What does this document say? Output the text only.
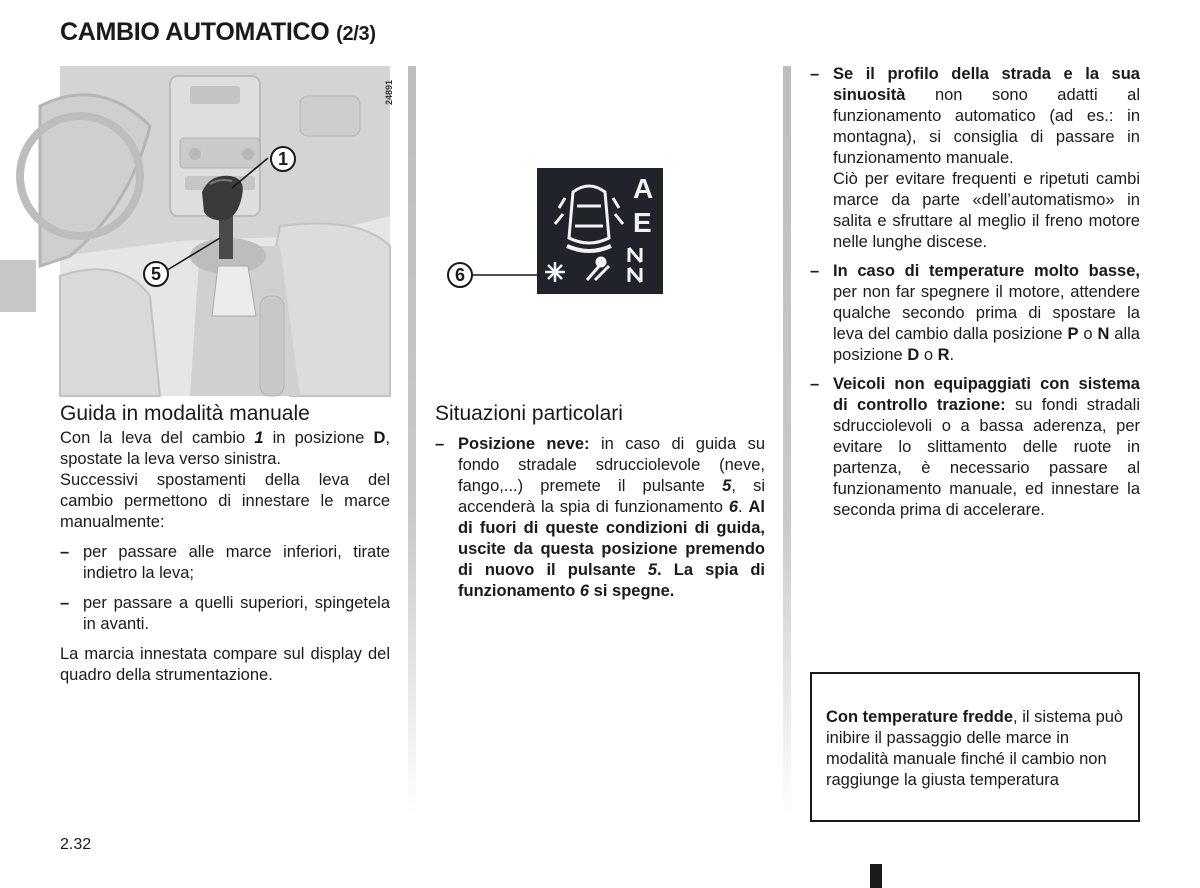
CAMBIO AUTOMATICO (2/3)
24891
1
5
A
E
6
Guida in modalità manuale

Con la leva del cambio 1 in posizione D, spostate la leva verso sinistra.

Successivi spostamenti della leva del cambio permettono di innestare le marce manualmente:

– per passare alle marce inferiori, tirate indietro la leva;
– per passare a quelli superiori, spingetela in avanti.

La marcia innestata compare sul display del quadro della strumentazione.

Situazioni particolari
– Posizione neve: in caso di guida su fondo stradale sdrucciolevole (neve, fango,...) premete il pulsante 5, si accenderà la spia di funzionamento 6. Al di fuori di queste condizioni di guida, uscite da questa posizione premendo di nuovo il pulsante 5. La spia di funzionamento 6 si spegne.
– Se il profilo della strada e la sua sinuosità non sono adatti al funzionamento automatico (ad es.: in montagna), si consiglia di passare in funzionamento manuale.
Ciò per evitare frequenti e ripetuti cambi marce da parte «dell’automatismo» in salita e sfruttare al meglio il freno motore nelle lunghe discese.
– In caso di temperature molto basse, per non far spegnere il motore, attendere qualche secondo prima di spostare la leva del cambio dalla posizione P o N alla posizione D o R.
– Veicoli non equipaggiati con sistema di controllo trazione: su fondi stradali sdrucciolevoli o a bassa aderenza, per evitare lo slittamento delle ruote in partenza, è necessario passare al funzionamento manuale, ed innestare la seconda prima di accelerare.
Con temperature fredde, il sistema può inibire il passaggio delle marce in modalità manuale finché il cambio non raggiunge la giusta temperatura
2.32
